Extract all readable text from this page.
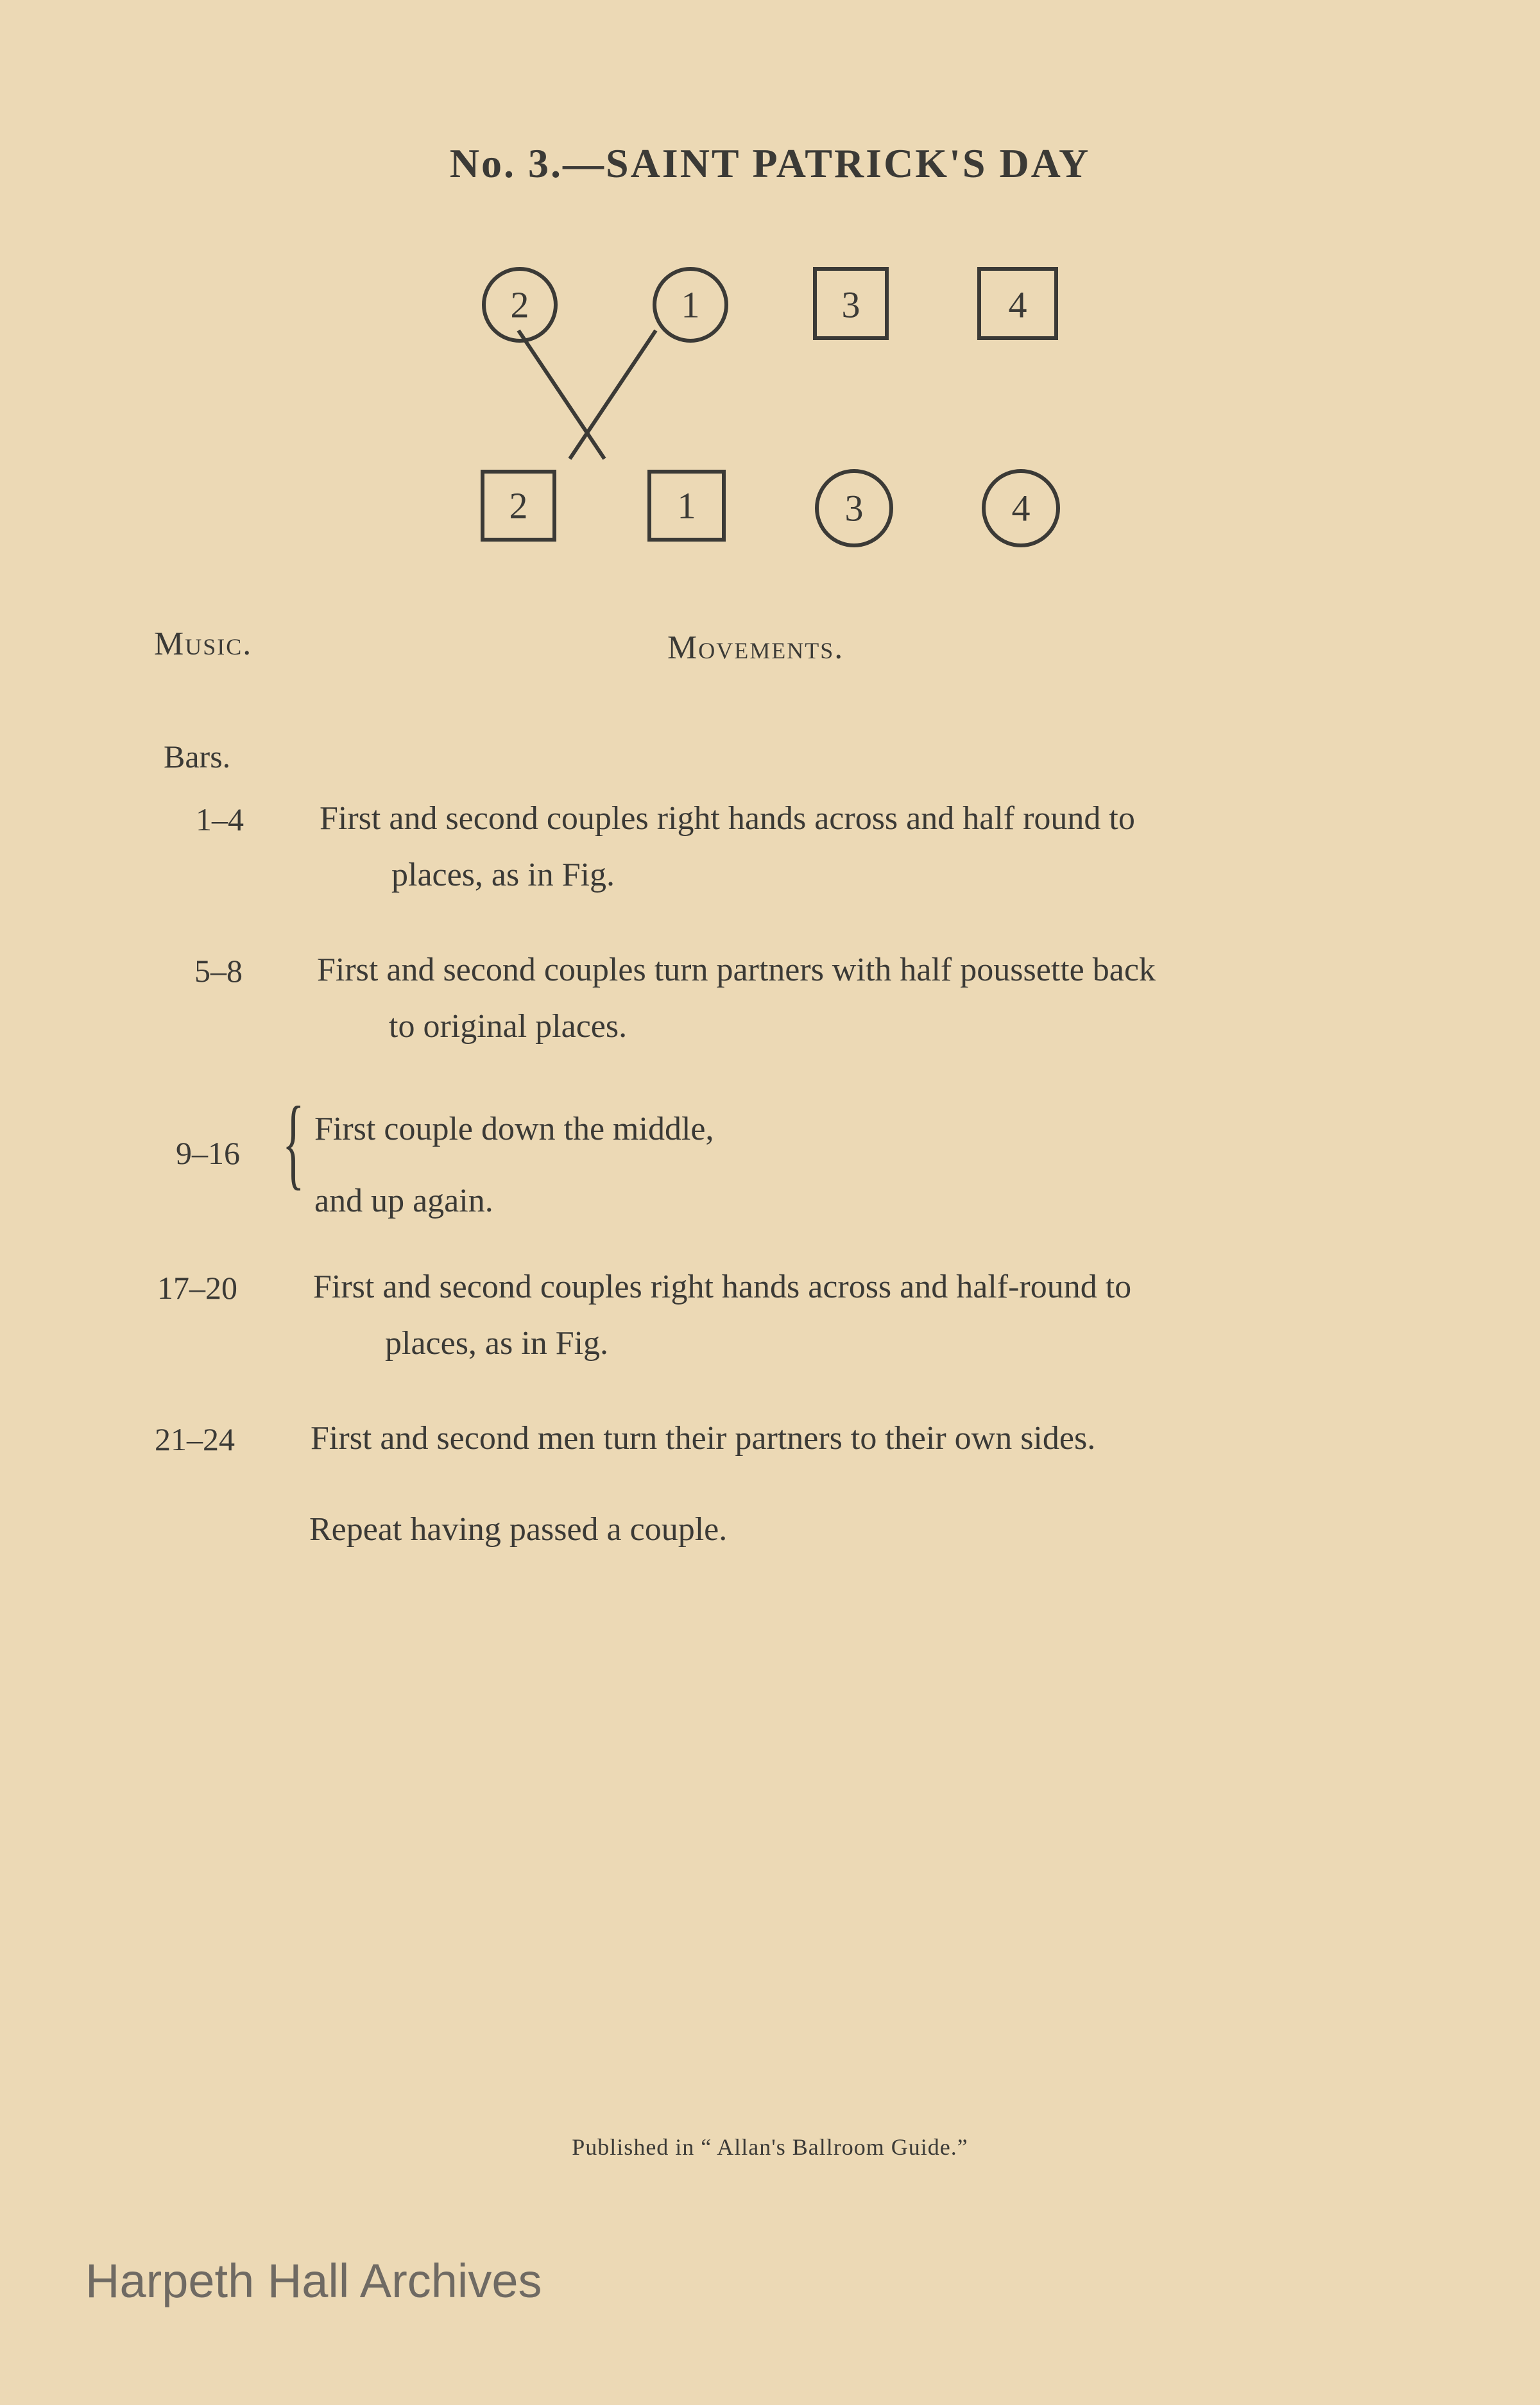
No. 3.—SAINT PATRICK'S DAY
2	1	3	4
2	1	3	4
Music.	Movements.
Bars.
1–4 First and second couples right hands across and half round to
places, as in Fig.
5–8 First and second couples turn partners with half poussette back
to original places.
9–16 { First couple down the middle,
and up again.
17–20 First and second couples right hands across and half-round to
places, as in Fig.
21–24 First and second men turn their partners to their own sides.
Repeat having passed a couple.
Published in “ Allan's Ballroom Guide.”
Harpeth Hall Archives
